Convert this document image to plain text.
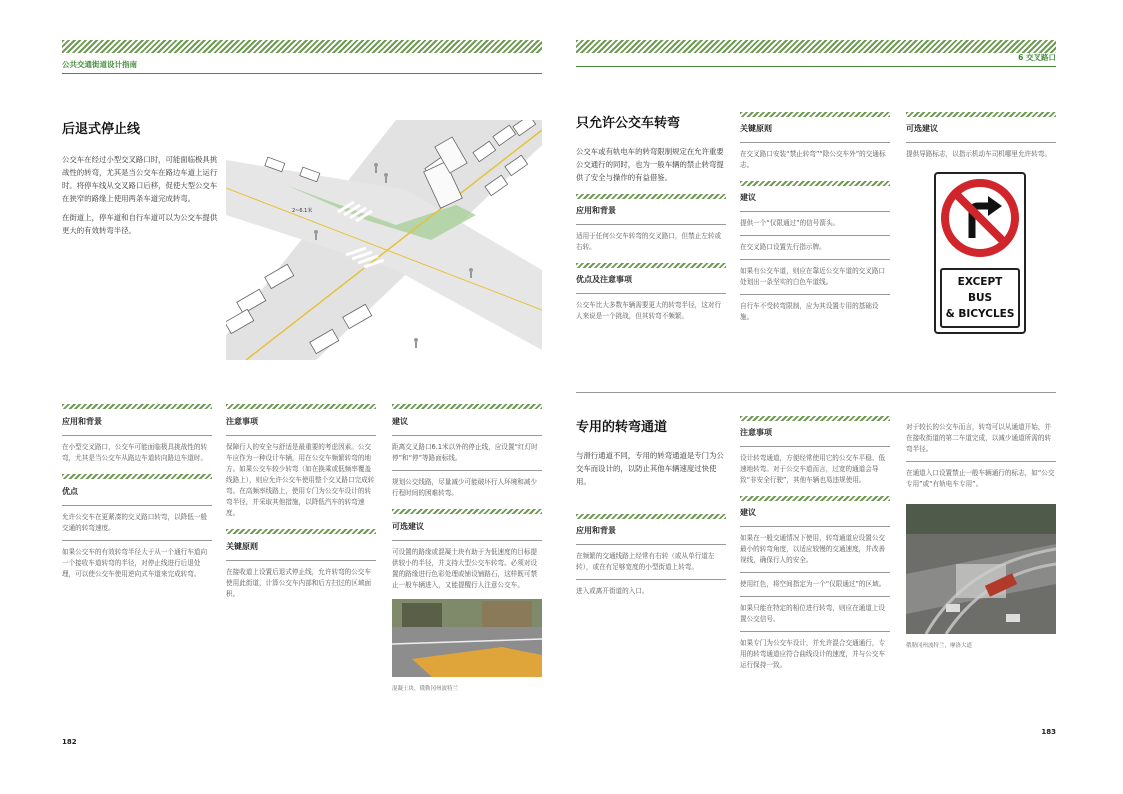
公共交通街道设计指南
后退式停止线
公交车在经过小型交叉路口时，可能面临极具挑战性的转弯，尤其是当公交车在路边车道上运行时。将停车线从交叉路口后移，促使大型公交车在狭窄的路缘上使用两条车道完成转弯。
在街道上，停车道和自行车道可以为公交车提供更大的有效转弯半径。
2~6.1米
应用和背景
在小型交叉路口，公交车可能面临极具挑战性的转弯，尤其是当公交车从路边车道转向路边车道时。
优点
允许公交车在更紧凑的交叉路口转弯，以降低一般交通的转弯速度。
如果公交车的有效转弯半径大于从一个通行车道向一个接收车道转弯的半径，对停止线进行后退处理，可以使公交车使用逆向式车道来完成转弯。
注意事项
保障行人的安全与舒适是最重要的考虑因素。公交车应作为一种设计车辆，用在公交车频繁转弯的地方。如果公交车较少转弯（如在换乘或低频率覆盖线路上），则应允许公交车使用整个交叉路口完成转弯。在高频率线路上，使用专门为公交车设计的转弯半径，并采取其他措施，以降低汽车的转弯速度。
关键原则
在接收道上设置后退式停止线，允许转弯的公交车使用此街道，计算公交车内部和后方扫过的区域面积。
建议
距离交叉路口6.1米以外的停止线，应设置“红灯时停”和“停”等路面标线。
规划公交线路，尽量减少可能破坏行人环境和减少行程时间的困难转弯。
可选建议
可设置的路缘或混凝土块有助于为低速度的目标提供较小的半径，并支持大型公交车转弯。必须对设置的路缘进行色彩处理或铺设铺路石，这样既可禁止一般车辆进入，又能提醒行人注意公交车。
混凝土块，俄勒冈州波特兰
182
6 交叉路口
只允许公交车转弯
公交车或有轨电车的转弯限制规定在允许重要公交通行的同时，也为一般车辆的禁止转弯提供了安全与操作的有益借鉴。
应用和背景
适用于任何公交车转弯的交叉路口，但禁止左转或右转。
优点及注意事项
公交车比大多数车辆需要更大的转弯半径，这对行人来说是一个挑战，但其转弯不频繁。
关键原则
在交叉路口安装“禁止转弯”“除公交车外”的交通标志。
建议
提供一个“仅限通过”的信号箭头。
在交叉路口设置先行指示牌。
如果有公交车道，则应在靠近公交车道的交叉路口处划出一条坚实的白色车道线。
自行车不受转弯限制，应为其设置专用的基础设施。
可选建议
提供导路标志，以指示机动车司机哪里允许转弯。
EXCEPT BUS
& BICYCLES
专用的转弯通道
与滑行通道不同，专用的转弯通道是专门为公交车而设计的，以防止其他车辆速度过快使用。
应用和背景
在频繁的交通线路上经常有右转（或从单行道左转），或在有足够宽度的小型街道上转弯。
进入或离开街道的入口。
注意事项
设计转弯通道，方便经常使用它的公交车平稳、低速地转弯。对于公交车道而言，过宽的通道会导致“非安全行驶”，其他车辆也易违规使用。
建议
如果在一般交通情况下使用，转弯通道应设置公交最小的转弯角度，以适应较慢的交通速度，并改善视线，确保行人的安全。
使用红色，将空间指定为一个“仅限通过”的区域。
如果只能在特定的相位进行转弯，则应在通道上设置公交信号。
如果专门为公交车设计，并允许混合交通通行，专用的转弯通道应符合曲线设计的速度，并与公交车运行保持一致。
对于较长的公交车而言，转弯可以从通道开始，并在接收街道的第二车道完成，以减少通道所需的转弯半径。
在通道入口设置禁止一般车辆通行的标志，如“公交专用”或“有轨电车专用”。
俄勒冈州波特兰，摩洛大道
183
